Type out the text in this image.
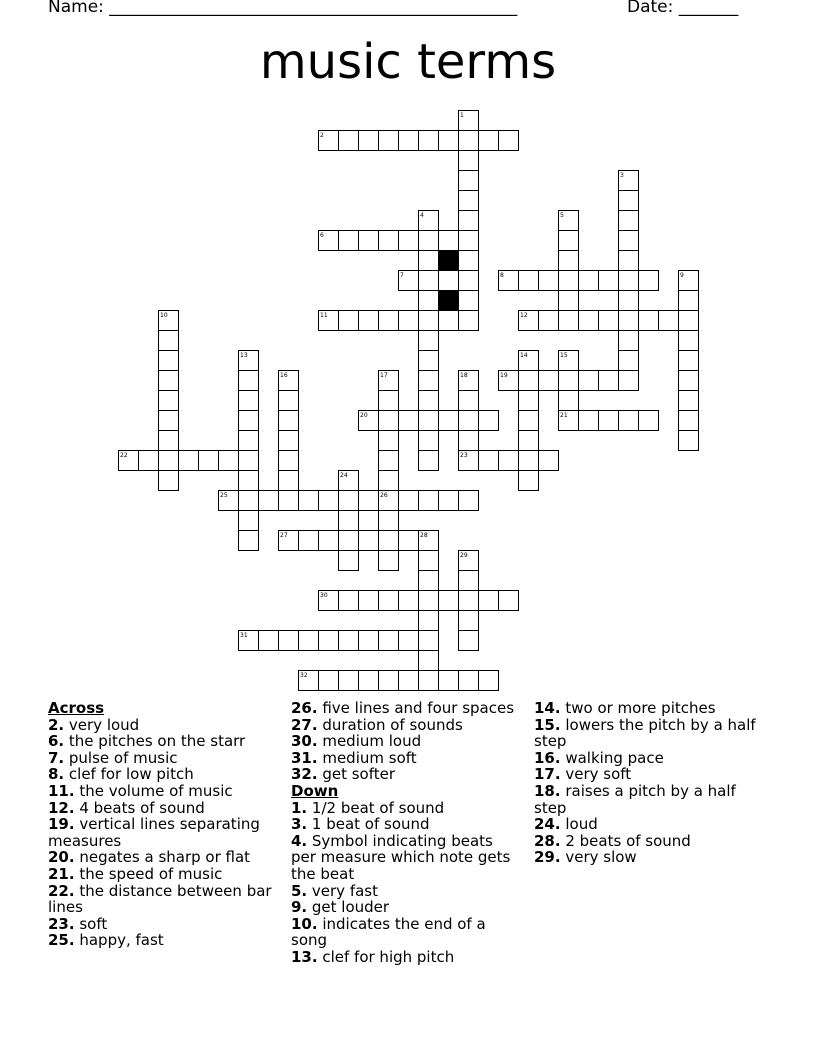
Name: ________________________________________________	Date: _______
music terms
1
2
3
4	5
6
7	8	9
10	11	12
13	14	15
16	17	18	19
20	21
22	23
24
25	26
27	28
29
30
31
32
Across
2. very loud
6. the pitches on the starr
7. pulse of music
8. clef for low pitch
11. the volume of music
12. 4 beats of sound
19. vertical lines separating measures
20. negates a sharp or flat
21. the speed of music
22. the distance between bar lines
23. soft
25. happy, fast
26. five lines and four spaces
27. duration of sounds
30. medium loud
31. medium soft
32. get softer
Down
1. 1/2 beat of sound
3. 1 beat of sound
4. Symbol indicating beats per measure which note gets the beat
5. very fast
9. get louder
10. indicates the end of a song
13. clef for high pitch
14. two or more pitches
15. lowers the pitch by a half step
16. walking pace
17. very soft
18. raises a pitch by a half step
24. loud
28. 2 beats of sound
29. very slow
